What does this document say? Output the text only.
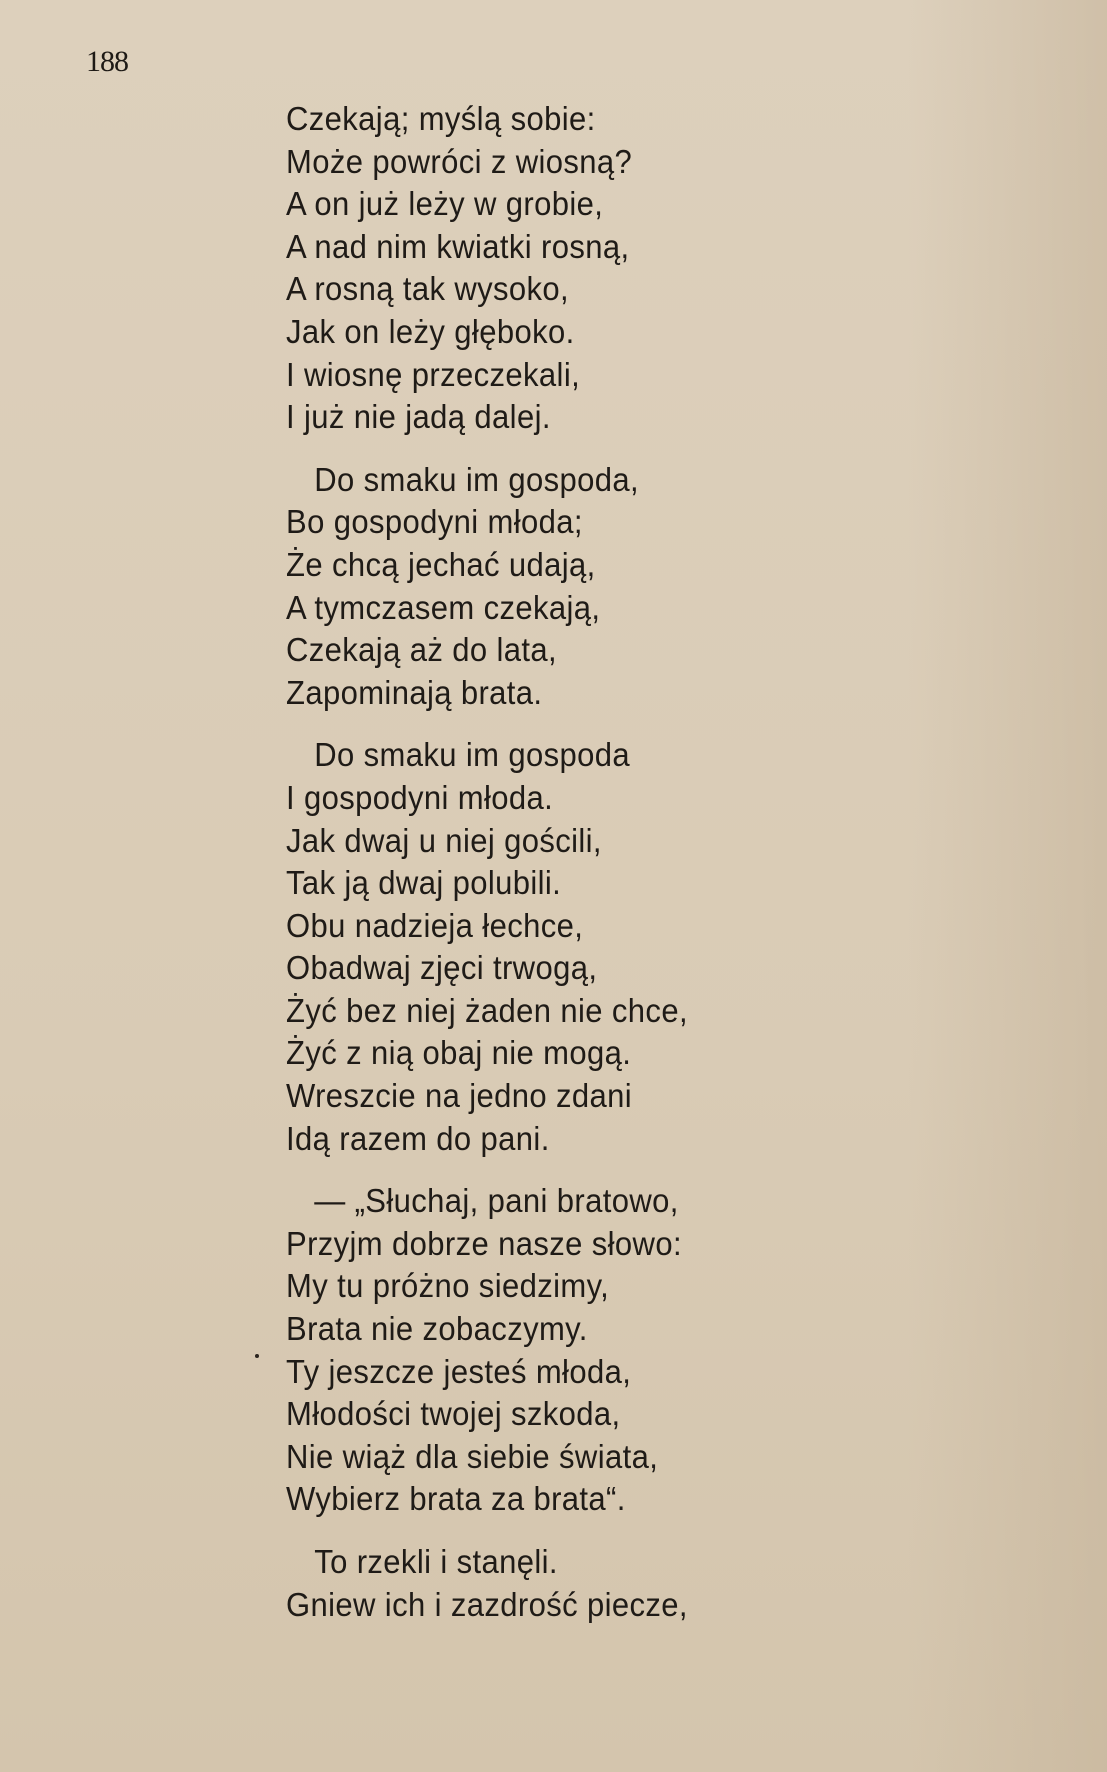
188
Czekają; myślą sobie:
Może powróci z wiosną?
A on już leży w grobie,
A nad nim kwiatki rosną,
A rosną tak wysoko,
Jak on leży głęboko.
I wiosnę przeczekali,
I już nie jadą dalej.
Do smaku im gospoda,
Bo gospodyni młoda;
Że chcą jechać udają,
A tymczasem czekają,
Czekają aż do lata,
Zapominają brata.
Do smaku im gospoda
I gospodyni młoda.
Jak dwaj u niej gościli,
Tak ją dwaj polubili.
Obu nadzieja łechce,
Obadwaj zjęci trwogą,
Żyć bez niej żaden nie chce,
Żyć z nią obaj nie mogą.
Wreszcie na jedno zdani
Idą razem do pani.
— „Słuchaj, pani bratowo,
Przyjm dobrze nasze słowo:
My tu próżno siedzimy,
Brata nie zobaczymy.
Ty jeszcze jesteś młoda,
Młodości twojej szkoda,
Nie wiąż dla siebie świata,
Wybierz brata za brata“.
To rzekli i stanęli.
Gniew ich i zazdrość piecze,
